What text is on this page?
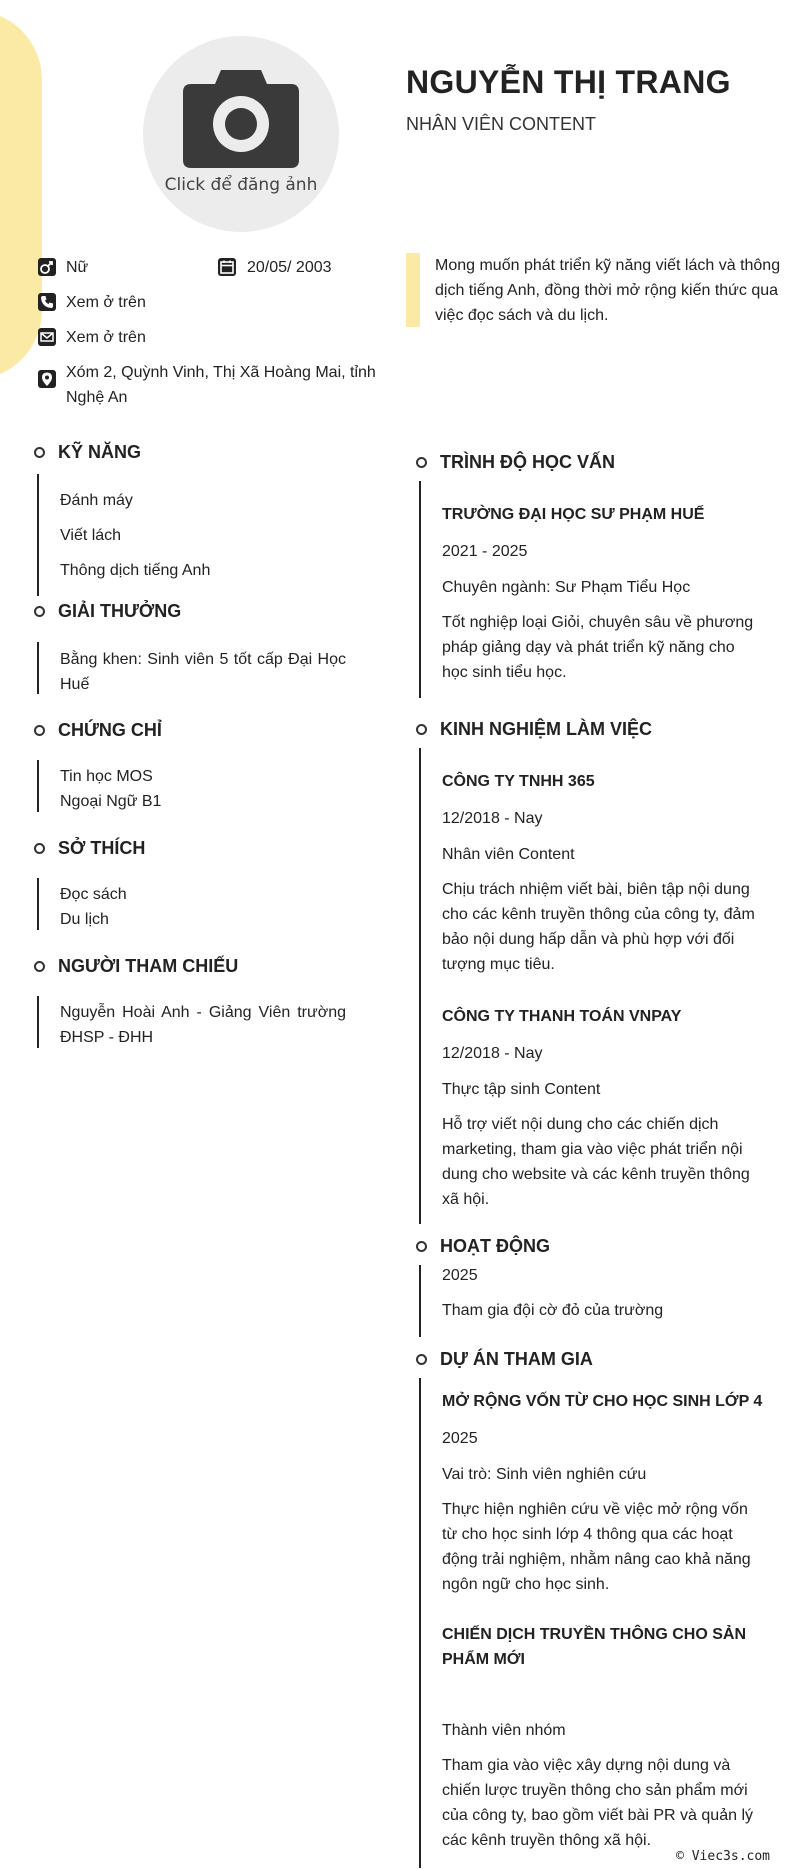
Click để đăng ảnh
NGUYỄN THỊ TRANG
NHÂN VIÊN CONTENT
Nữ	20/05/ 2003
Xem ở trên
Xem ở trên
Xóm 2, Quỳnh Vinh, Thị Xã Hoàng Mai, tỉnh Nghệ An
Mong muốn phát triển kỹ năng viết lách và thông dịch tiếng Anh, đồng thời mở rộng kiến thức qua việc đọc sách và du lịch.
KỸ NĂNG
Đánh máy
Viết lách
Thông dịch tiếng Anh
GIẢI THƯỞNG
Bằng khen: Sinh viên 5 tốt cấp Đại Học Huế
CHỨNG CHỈ
Tin học MOS
Ngoại Ngữ B1
SỞ THÍCH
Đọc sách
Du lịch
NGƯỜI THAM CHIẾU
Nguyễn Hoài Anh - Giảng Viên trường ĐHSP - ĐHH
TRÌNH ĐỘ HỌC VẤN
TRƯỜNG ĐẠI HỌC SƯ PHẠM HUẾ
2021 - 2025
Chuyên ngành: Sư Phạm Tiểu Học
Tốt nghiệp loại Giỏi, chuyên sâu về phương pháp giảng dạy và phát triển kỹ năng cho học sinh tiểu học.
KINH NGHIỆM LÀM VIỆC
CÔNG TY TNHH 365
12/2018 - Nay
Nhân viên Content
Chịu trách nhiệm viết bài, biên tập nội dung cho các kênh truyền thông của công ty, đảm bảo nội dung hấp dẫn và phù hợp với đối tượng mục tiêu.
CÔNG TY THANH TOÁN VNPAY
12/2018 - Nay
Thực tập sinh Content
Hỗ trợ viết nội dung cho các chiến dịch marketing, tham gia vào việc phát triển nội dung cho website và các kênh truyền thông xã hội.
HOẠT ĐỘNG
2025
Tham gia đội cờ đỏ của trường
DỰ ÁN THAM GIA
MỞ RỘNG VỐN TỪ CHO HỌC SINH LỚP 4
2025
Vai trò: Sinh viên nghiên cứu
Thực hiện nghiên cứu về việc mở rộng vốn từ cho học sinh lớp 4 thông qua các hoạt động trải nghiệm, nhằm nâng cao khả năng ngôn ngữ cho học sinh.
CHIẾN DỊCH TRUYỀN THÔNG CHO SẢN PHẨM MỚI
Thành viên nhóm
Tham gia vào việc xây dựng nội dung và chiến lược truyền thông cho sản phẩm mới của công ty, bao gồm viết bài PR và quản lý các kênh truyền thông xã hội.
© Viec3s.com
